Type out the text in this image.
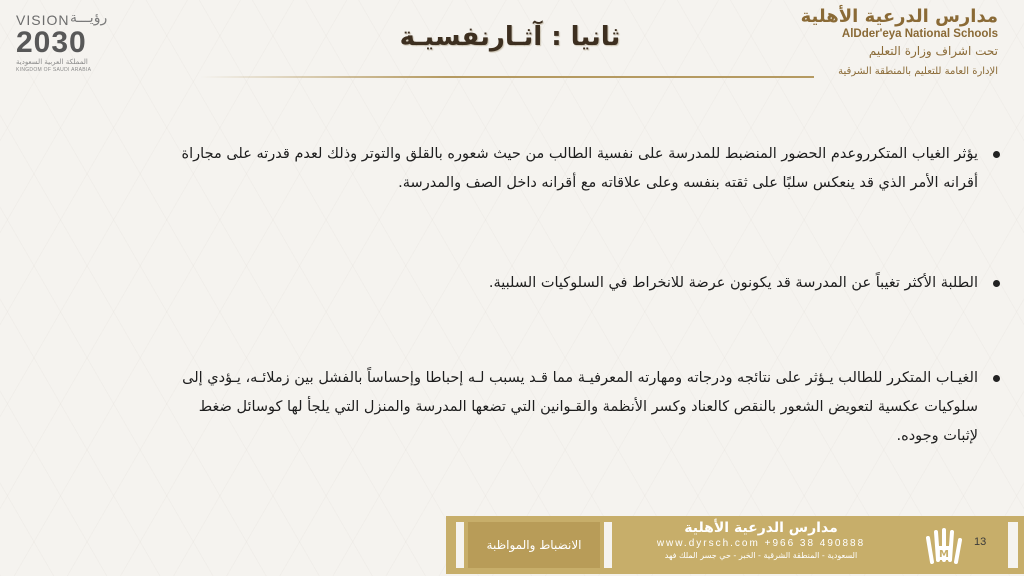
VISION رؤيـــة
2030
المملكة العربية السعودية
KINGDOM OF SAUDI ARABIA
ثانيا : آثـارنفسيـة
مدارس الدرعية الأهلية
AlDder'eya National Schools
تحت اشراف وزارة التعليم
الإدارة العامة للتعليم بالمنطقة الشرقية
يؤثر الغياب المتكرروعدم الحضور المنضبط للمدرسة على نفسية الطالب من حيث شعوره بالقلق والتوتر وذلك لعدم قدرته على مجاراة
أقرانه الأمر الذي قد ينعكس سلبًا على ثقته بنفسه وعلى علاقاته مع أقرانه داخل الصف والمدرسة.
الطلبة الأكثر تغيباً عن المدرسة قد يكونون عرضة للانخراط في السلوكيات السلبية.
الغيـاب المتكرر للطالب يـؤثر على نتائجه ودرجاته ومهارته المعرفيـة مما قـد يسبب لـه إحباطا وإحساساً بالفشل بين زملائـه، يـؤدي إلى
سلوكيات عكسية لتعويض الشعور بالنقص كالعناد وكسر الأنظمة والقـوانين التي تضعها المدرسة والمنزل التي يلجأ لها كوسائل ضغط
لإثبات وجوده.
الانضباط والمواظبة
مدارس الدرعية الأهلية
www.dyrsch.com +966 38 490888
السعودية - المنطقة الشرقية - الخبر - حي جسر الملك فهد	M
13
